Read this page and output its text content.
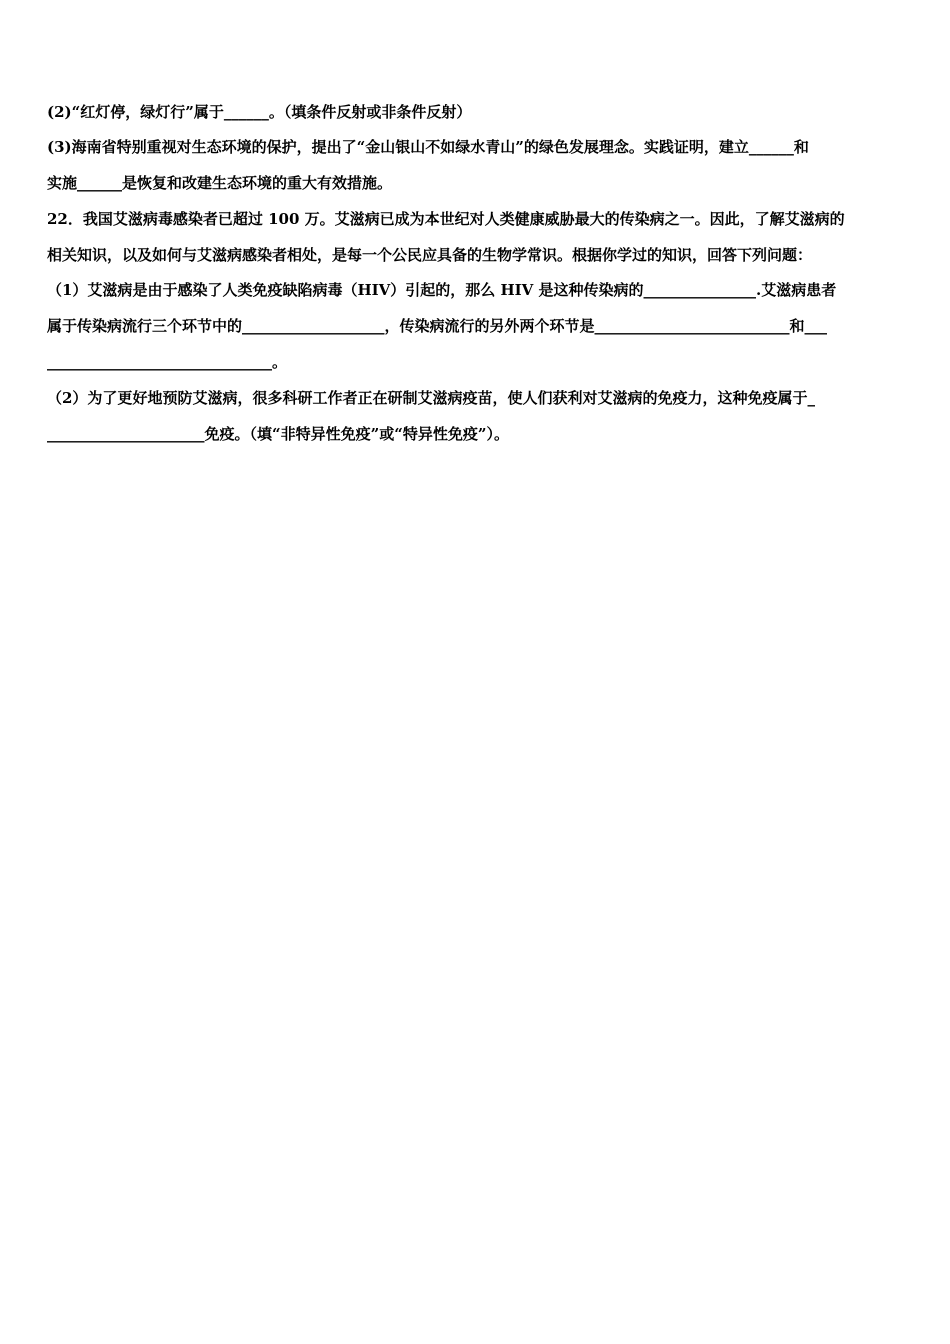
(2)“红灯停，绿灯行”属于______。（填条件反射或非条件反射）
(3)海南省特别重视对生态环境的保护，提出了“金山银山不如绿水青山”的绿色发展理念。实践证明，建立______和
实施______是恢复和改建生态环境的重大有效措施。
22．我国艾滋病毒感染者已超过 100 万。艾滋病已成为本世纪对人类健康威胁最大的传染病之一。因此，了解艾滋病的
相关知识，以及如何与艾滋病感染者相处，是每一个公民应具备的生物学常识。根据你学过的知识，回答下列问题：
（1）艾滋病是由于感染了人类免疫缺陷病毒（HIV）引起的，那么 HIV 是这种传染病的_______________.艾滋病患者
属于传染病流行三个环节中的___________________，传染病流行的另外两个环节是__________________________和___
______________________________。
（2）为了更好地预防艾滋病，很多科研工作者正在研制艾滋病疫苗，使人们获利对艾滋病的免疫力，这种免疫属于_
_____________________免疫。（填“非特异性免疫”或“特异性免疫”）。
